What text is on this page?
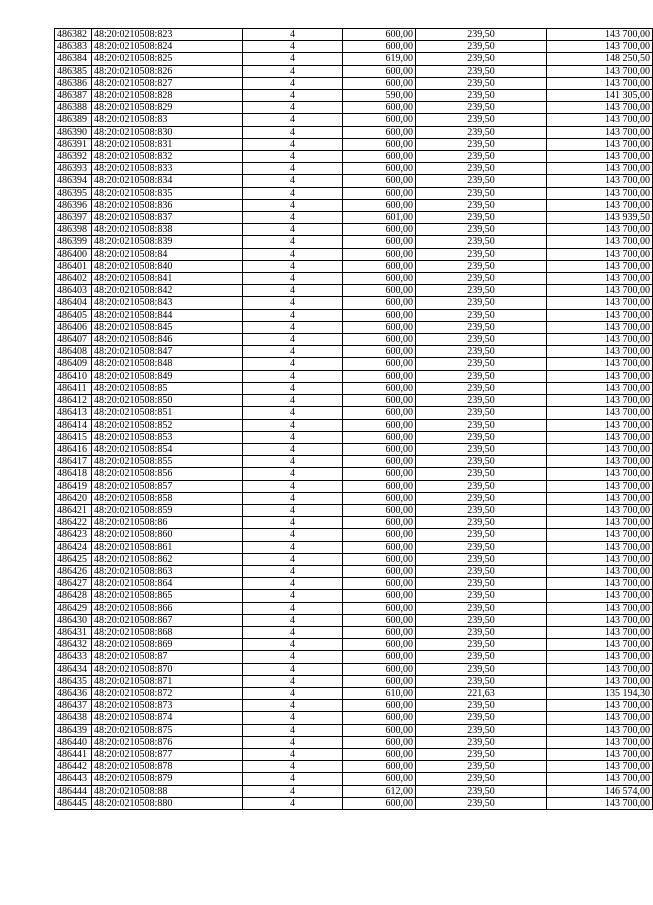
486382	48:20:0210508:823	4	600,00	239,50	143 700,00
486383	48:20:0210508:824	4	600,00	239,50	143 700,00
486384	48:20:0210508:825	4	619,00	239,50	148 250,50
486385	48:20:0210508:826	4	600,00	239,50	143 700,00
486386	48:20:0210508:827	4	600,00	239,50	143 700,00
486387	48:20:0210508:828	4	590,00	239,50	141 305,00
486388	48:20:0210508:829	4	600,00	239,50	143 700,00
486389	48:20:0210508:83	4	600,00	239,50	143 700,00
486390	48:20:0210508:830	4	600,00	239,50	143 700,00
486391	48:20:0210508:831	4	600,00	239,50	143 700,00
486392	48:20:0210508:832	4	600,00	239,50	143 700,00
486393	48:20:0210508:833	4	600,00	239,50	143 700,00
486394	48:20:0210508:834	4	600,00	239,50	143 700,00
486395	48:20:0210508:835	4	600,00	239,50	143 700,00
486396	48:20:0210508:836	4	600,00	239,50	143 700,00
486397	48:20:0210508:837	4	601,00	239,50	143 939,50
486398	48:20:0210508:838	4	600,00	239,50	143 700,00
486399	48:20:0210508:839	4	600,00	239,50	143 700,00
486400	48:20:0210508:84	4	600,00	239,50	143 700,00
486401	48:20:0210508:840	4	600,00	239,50	143 700,00
486402	48:20:0210508:841	4	600,00	239,50	143 700,00
486403	48:20:0210508:842	4	600,00	239,50	143 700,00
486404	48:20:0210508:843	4	600,00	239,50	143 700,00
486405	48:20:0210508:844	4	600,00	239,50	143 700,00
486406	48:20:0210508:845	4	600,00	239,50	143 700,00
486407	48:20:0210508:846	4	600,00	239,50	143 700,00
486408	48:20:0210508:847	4	600,00	239,50	143 700,00
486409	48:20:0210508:848	4	600,00	239,50	143 700,00
486410	48:20:0210508:849	4	600,00	239,50	143 700,00
486411	48:20:0210508:85	4	600,00	239,50	143 700,00
486412	48:20:0210508:850	4	600,00	239,50	143 700,00
486413	48:20:0210508:851	4	600,00	239,50	143 700,00
486414	48:20:0210508:852	4	600,00	239,50	143 700,00
486415	48:20:0210508:853	4	600,00	239,50	143 700,00
486416	48:20:0210508:854	4	600,00	239,50	143 700,00
486417	48:20:0210508:855	4	600,00	239,50	143 700,00
486418	48:20:0210508:856	4	600,00	239,50	143 700,00
486419	48:20:0210508:857	4	600,00	239,50	143 700,00
486420	48:20:0210508:858	4	600,00	239,50	143 700,00
486421	48:20:0210508:859	4	600,00	239,50	143 700,00
486422	48:20:0210508:86	4	600,00	239,50	143 700,00
486423	48:20:0210508:860	4	600,00	239,50	143 700,00
486424	48:20:0210508:861	4	600,00	239,50	143 700,00
486425	48:20:0210508:862	4	600,00	239,50	143 700,00
486426	48:20:0210508:863	4	600,00	239,50	143 700,00
486427	48:20:0210508:864	4	600,00	239,50	143 700,00
486428	48:20:0210508:865	4	600,00	239,50	143 700,00
486429	48:20:0210508:866	4	600,00	239,50	143 700,00
486430	48:20:0210508:867	4	600,00	239,50	143 700,00
486431	48:20:0210508:868	4	600,00	239,50	143 700,00
486432	48:20:0210508:869	4	600,00	239,50	143 700,00
486433	48:20:0210508:87	4	600,00	239,50	143 700,00
486434	48:20:0210508:870	4	600,00	239,50	143 700,00
486435	48:20:0210508:871	4	600,00	239,50	143 700,00
486436	48:20:0210508:872	4	610,00	221,63	135 194,30
486437	48:20:0210508:873	4	600,00	239,50	143 700,00
486438	48:20:0210508:874	4	600,00	239,50	143 700,00
486439	48:20:0210508:875	4	600,00	239,50	143 700,00
486440	48:20:0210508:876	4	600,00	239,50	143 700,00
486441	48:20:0210508:877	4	600,00	239,50	143 700,00
486442	48:20:0210508:878	4	600,00	239,50	143 700,00
486443	48:20:0210508:879	4	600,00	239,50	143 700,00
486444	48:20:0210508:88	4	612,00	239,50	146 574,00
486445	48:20:0210508:880	4	600,00	239,50	143 700,00
